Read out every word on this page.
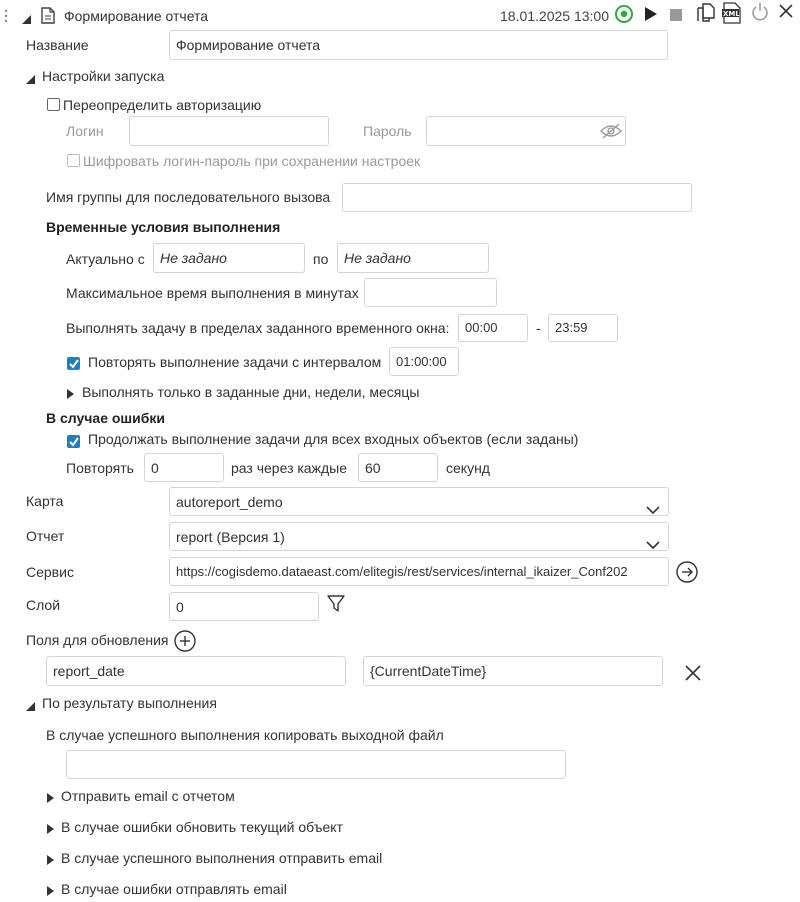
Формирование отчета	18.01.2025 13:00	XML
Название	Формирование отчета
Настройки запуска
Переопределить авторизацию
Логин	Пароль
Шифровать логин-пароль при сохранении настроек
Имя группы для последовательного вызова
Временные условия выполнения
Актуально с	Не задано	по	Не задано
Максимальное время выполнения в минутах
Выполнять задачу в пределах заданного временного окна:	00:00	-	23:59
Повторять выполнение задачи с интервалом	01:00:00
Выполнять только в заданные дни, недели, месяцы
В случае ошибки
Продолжать выполнение задачи для всех входных объектов (если заданы)
Повторять	0	раз через каждые	60	секунд
Карта	autoreport_demo
Отчет	report (Версия 1)
Сервис	https://cogisdemo.dataeast.com/elitegis/rest/services/internal_ikaizer_Conf202
Слой	0
Поля для обновления
report_date	{CurrentDateTime}
По результату выполнения
В случае успешного выполнения копировать выходной файл
Отправить email с отчетом
В случае ошибки обновить текущий объект
В случае успешного выполнения отправить email
В случае ошибки отправлять email
